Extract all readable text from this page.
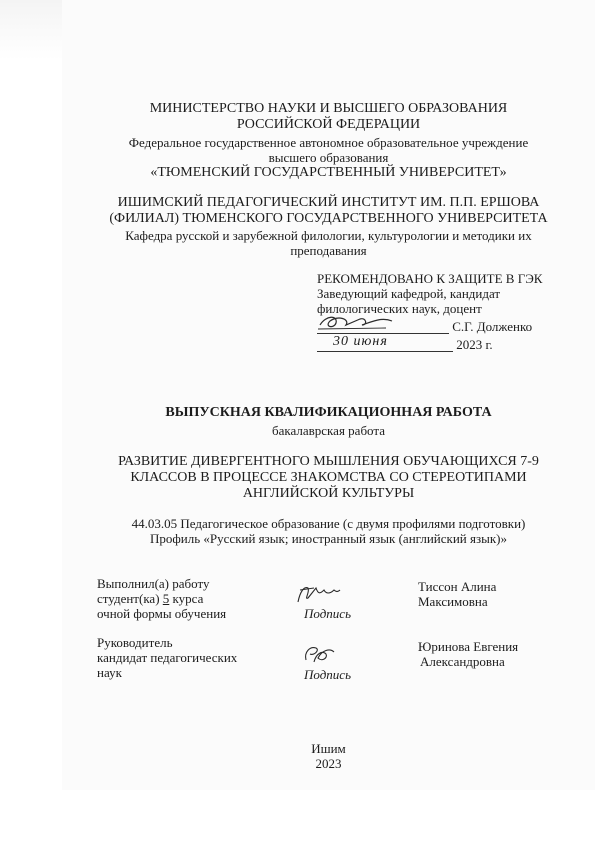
МИНИСТЕРСТВО НАУКИ И ВЫСШЕГО ОБРАЗОВАНИЯ
РОССИЙСКОЙ ФЕДЕРАЦИИ
Федеральное государственное автономное образовательное учреждение
высшего образования
«ТЮМЕНСКИЙ ГОСУДАРСТВЕННЫЙ УНИВЕРСИТЕТ»
ИШИМСКИЙ ПЕДАГОГИЧЕСКИЙ ИНСТИТУТ ИМ. П.П. ЕРШОВА
(ФИЛИАЛ) ТЮМЕНСКОГО ГОСУДАРСТВЕННОГО УНИВЕРСИТЕТА
Кафедра русской и зарубежной филологии, культурологии и методики их
преподавания
РЕКОМЕНДОВАНО К ЗАЩИТЕ В ГЭК
Заведующий кафедрой, кандидат
филологических наук, доцент
С.Г. Долженко
30 июня	2023 г.
ВЫПУСКНАЯ КВАЛИФИКАЦИОННАЯ РАБОТА
бакалаврская работа
РАЗВИТИЕ ДИВЕРГЕНТНОГО МЫШЛЕНИЯ ОБУЧАЮЩИХСЯ 7-9
КЛАССОВ В ПРОЦЕССЕ ЗНАКОМСТВА СО СТЕРЕОТИПАМИ
АНГЛИЙСКОЙ КУЛЬТУРЫ
44.03.05 Педагогическое образование (с двумя профилями подготовки)
Профиль «Русский язык; иностранный язык (английский язык)»
Выполнил(а) работу
студент(ка) 5 курса
очной формы обучения	Подпись
Тиссон Алина
Максимовна
Руководитель
кандидат педагогических
наук	Подпись
Юринова Евгения
Александровна
Ишим
2023
